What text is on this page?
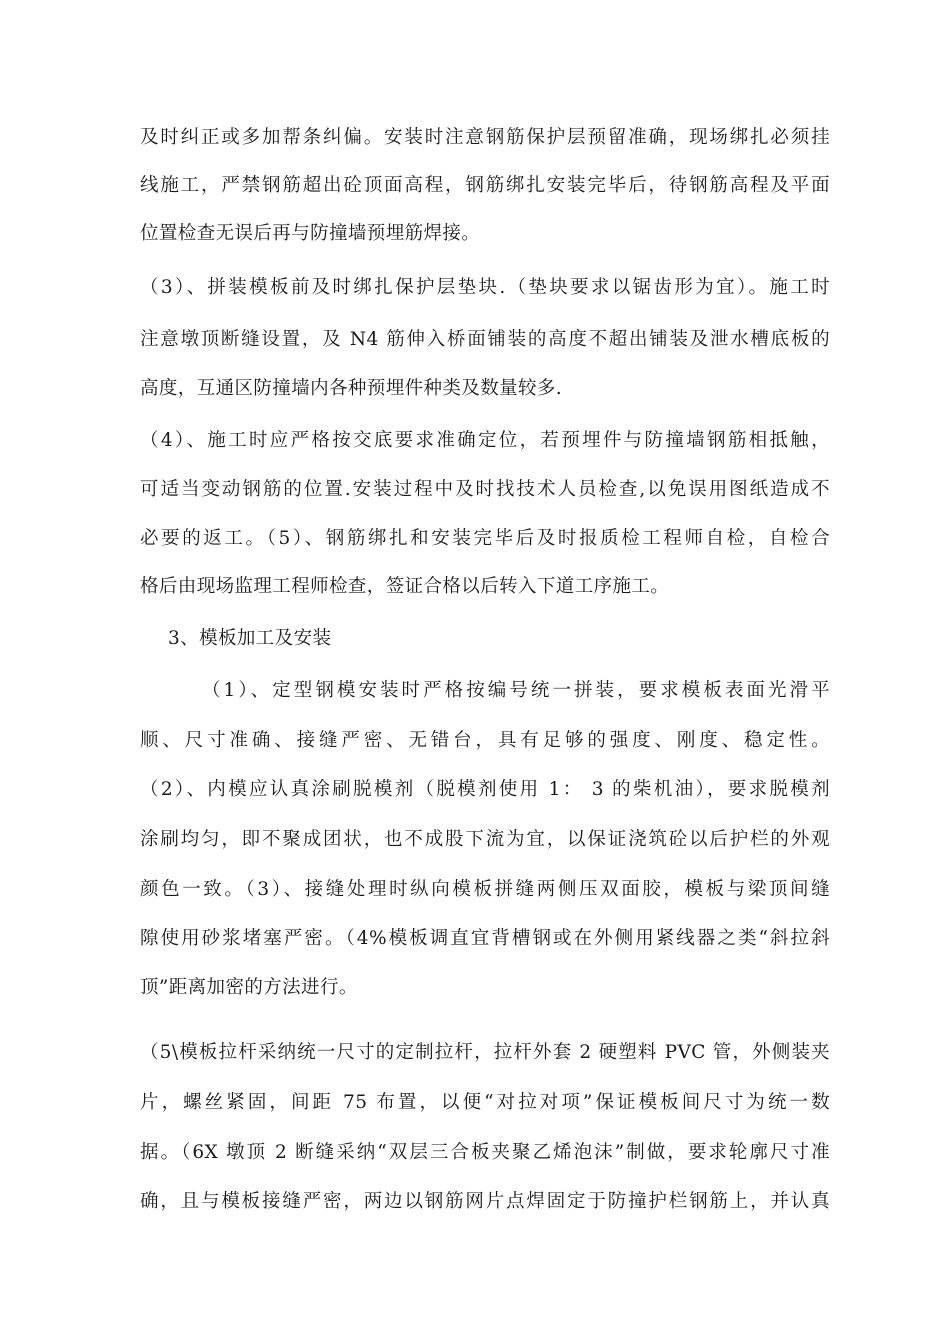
及时纠正或多加帮条纠偏。安装时注意钢筋保护层预留准确，现场绑扎必须挂
线施工，严禁钢筋超出砼顶面高程，钢筋绑扎安装完毕后，待钢筋高程及平面
位置检查无误后再与防撞墙预埋筋焊接。
（3）、拼装模板前及时绑扎保护层垫块.（垫块要求以锯齿形为宜）。施工时
注意墩顶断缝设置，及 N4 筋伸入桥面铺装的高度不超出铺装及泄水槽底板的
高度，互通区防撞墙内各种预埋件种类及数量较多.
（4）、施工时应严格按交底要求准确定位，若预埋件与防撞墙钢筋相抵触，
可适当变动钢筋的位置.安装过程中及时找技术人员检查,以免误用图纸造成不
必要的返工。（5）、钢筋绑扎和安装完毕后及时报质检工程师自检，自检合
格后由现场监理工程师检查，签证合格以后转入下道工序施工。
3、模板加工及安装
（1）、定型钢模安装时严格按编号统一拼装，要求模板表面光滑平
顺、尺寸准确、接缝严密、无错台，具有足够的强度、刚度、稳定性。
（2）、内模应认真涂刷脱模剂（脱模剂使用 1： 3 的柴机油），要求脱模剂
涂刷均匀，即不聚成团状，也不成股下流为宜，以保证浇筑砼以后护栏的外观
颜色一致。（3）、接缝处理时纵向模板拼缝两侧压双面胶，模板与梁顶间缝
隙使用砂浆堵塞严密。（4%模板调直宜背槽钢或在外侧用紧线器之类“斜拉斜
顶”距离加密的方法进行。
（5\模板拉杆采纳统一尺寸的定制拉杆，拉杆外套 2 硬塑料 PVC 管，外侧装夹
片，螺丝紧固，间距 75 布置，以便“对拉对项”保证模板间尺寸为统一数
据。（6X 墩顶 2 断缝采纳“双层三合板夹聚乙烯泡沫”制做，要求轮廓尺寸准
确，且与模板接缝严密，两边以钢筋网片点焊固定于防撞护栏钢筋上，并认真
